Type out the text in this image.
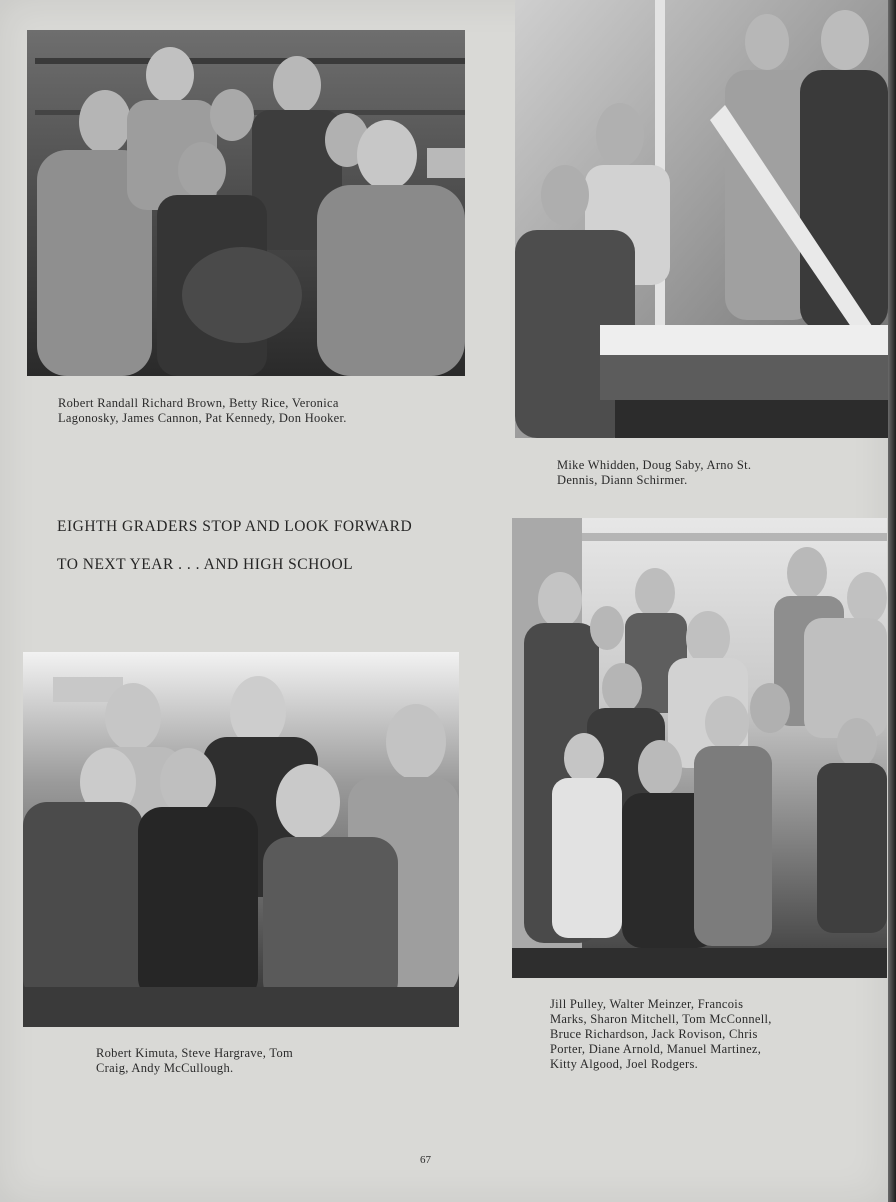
Robert Randall Richard Brown, Betty Rice, Veronica
Lagonosky, James Cannon, Pat Kennedy, Don Hooker.
Mike Whidden, Doug Saby, Arno St.
Dennis, Diann Schirmer.
EIGHTH GRADERS STOP AND LOOK FORWARD
TO NEXT YEAR . . . AND HIGH SCHOOL
Robert Kimuta, Steve Hargrave, Tom
Craig, Andy McCullough.
Jill Pulley, Walter Meinzer, Francois
Marks, Sharon Mitchell, Tom McConnell,
Bruce Richardson, Jack Rovison, Chris
Porter, Diane Arnold, Manuel Martinez,
Kitty Algood, Joel Rodgers.
67
